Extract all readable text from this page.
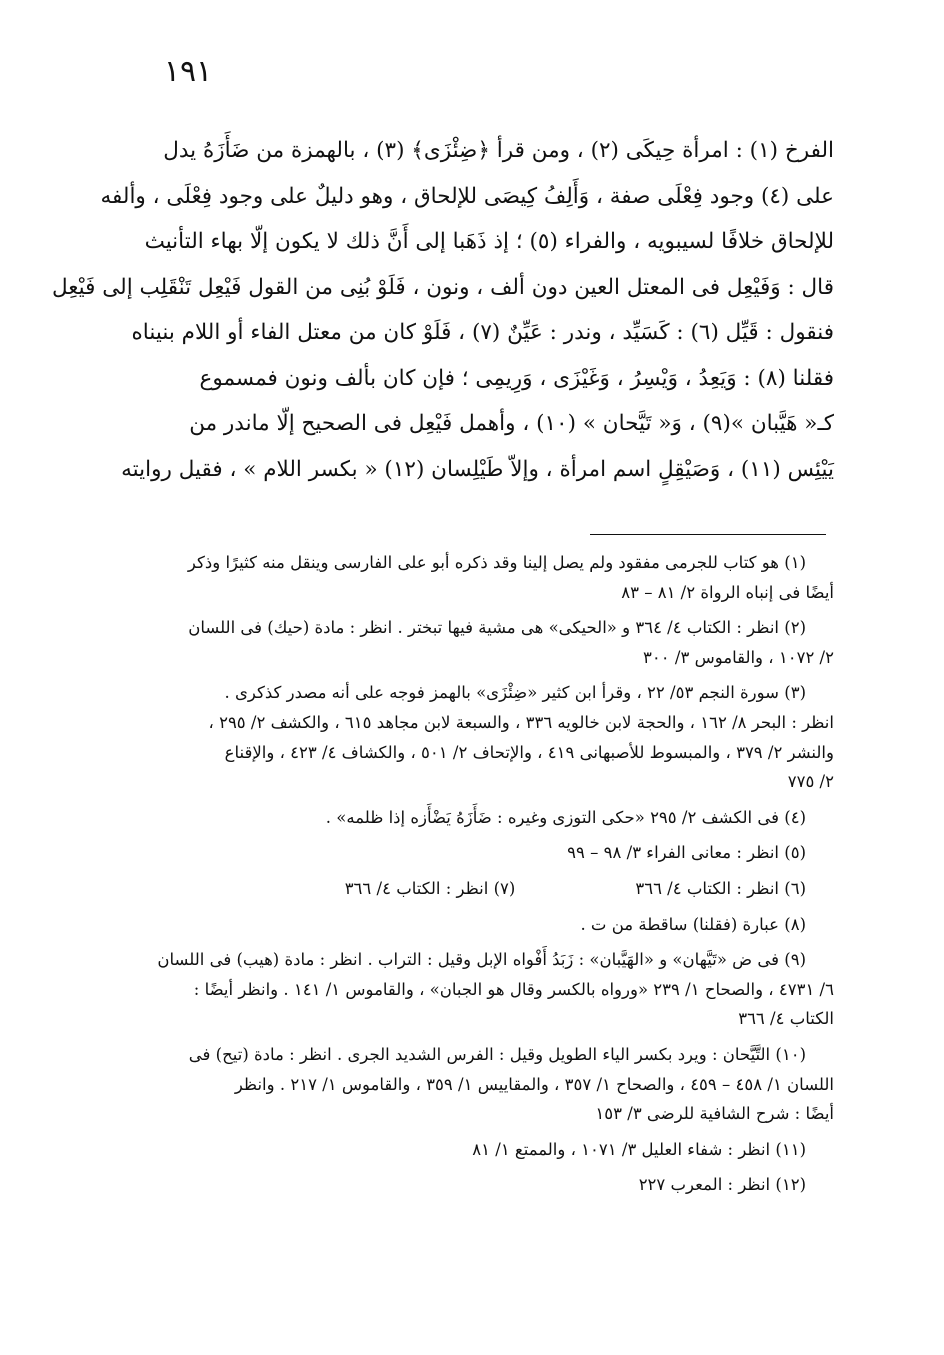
١٩١
الفرخ (١) : امرأة حِيكَى (٢) ، ومن قرأ ﴿ضِئْزَى﴾ (٣) ، بالهمزة من ضَأَزَهُ يدل
على (٤) وجود فِعْلَى صفة ، وَأَلِفُ كِيصَى للإلحاق ، وهو دليلٌ على وجود فِعْلَى ، وألفه
للإلحاق خلافًا لسيبويه ، والفراء (٥) ؛ إذ ذَهَبا إلى أَنَّ ذلك لا يكون إلّا بهاء التأنيث
قال : وَفَيْعِل فى المعتل العين دون ألف ، ونون ، فَلَوْ بُنِى من القول فَيْعِل تَنْقَلِب إلى فَيْعِل
فنقول : قَيِّل (٦) : كَسَيِّد ، وندر : عَيِّنٌ (٧) ، فَلَوْ كان من معتل الفاء أو اللام بنيناه
فقلنا (٨) : وَيَعِدُ ، وَيْسِرُ ، وَغَيْزَى ، وَرِيمِى ؛ فإن كان بألف ونون فمسموع
كـ« هَيَّبان »(٩) ، وَ« تَيَّحان » (١٠) ، وأهمل فَيْعِل فى الصحيح إلّا ماندر من
يَيْئِس (١١) ، وَصَيْقِلٍ اسم امرأة ، وإلاّ طَيْلِسان (١٢) « بكسر اللام » ، فقيل روايته
(١) هو كتاب للجرمى مفقود ولم يصل إلينا وقد ذكره أبو على الفارسى وينقل منه كثيرًا وذكر
أيضًا فى إنباه الرواة ٢/ ٨١ – ٨٣
(٢) انظر : الكتاب ٤/ ٣٦٤ و «الحيكى» هى مشية فيها تبختر . انظر : مادة (حيك) فى اللسان
٢/ ١٠٧٢ ، والقاموس ٣/ ٣٠٠
(٣) سورة النجم ٥٣/ ٢٢ ، وقرأ ابن كثير «ضِئْزَى» بالهمز فوجه على أنه مصدر كذكرى .
انظر : البحر ٨/ ١٦٢ ، والحجة لابن خالويه ٣٣٦ ، والسبعة لابن مجاهد ٦١٥ ، والكشف ٢/ ٢٩٥ ،
والنشر ٢/ ٣٧٩ ، والمبسوط للأصبهانى ٤١٩ ، والإتحاف ٢/ ٥٠١ ، والكشاف ٤/ ٤٢٣ ، والإقناع
٢/ ٧٧٥
(٤) فى الكشف ٢/ ٢٩٥ «حكى التوزى وغيره : ضَأَزَهُ يَضْأَزه إذا ظلمه» .
(٥) انظر : معانى الفراء ٣/ ٩٨ – ٩٩
(٦) انظر : الكتاب ٤/ ٣٦٦
(٧) انظر : الكتاب ٤/ ٣٦٦
(٨) عبارة (فقلنا) ساقطة من ت .
(٩) فى ض «تَيَّهان» و «الهَيَّبان» : زَبَدُ أَفْواه الإبل وقيل : التراب . انظر : مادة (هيب) فى اللسان
٦/ ٤٧٣١ ، والصحاح ١/ ٢٣٩ «ورواه بالكسر وقال هو الجبان» ، والقاموس ١/ ١٤١ . وانظر أيضًا :
الكتاب ٤/ ٣٦٦
(١٠) التَّيَّحان : ويرد بكسر الياء الطويل وقيل : الفرس الشديد الجرى . انظر : مادة (تيح) فى
اللسان ١/ ٤٥٨ – ٤٥٩ ، والصحاح ١/ ٣٥٧ ، والمقاييس ١/ ٣٥٩ ، والقاموس ١/ ٢١٧ . وانظر
أيضًا : شرح الشافية للرضى ٣/ ١٥٣
(١١) انظر : شفاء العليل ٣/ ١٠٧١ ، والممتع ١/ ٨١
(١٢) انظر : المعرب ٢٢٧
